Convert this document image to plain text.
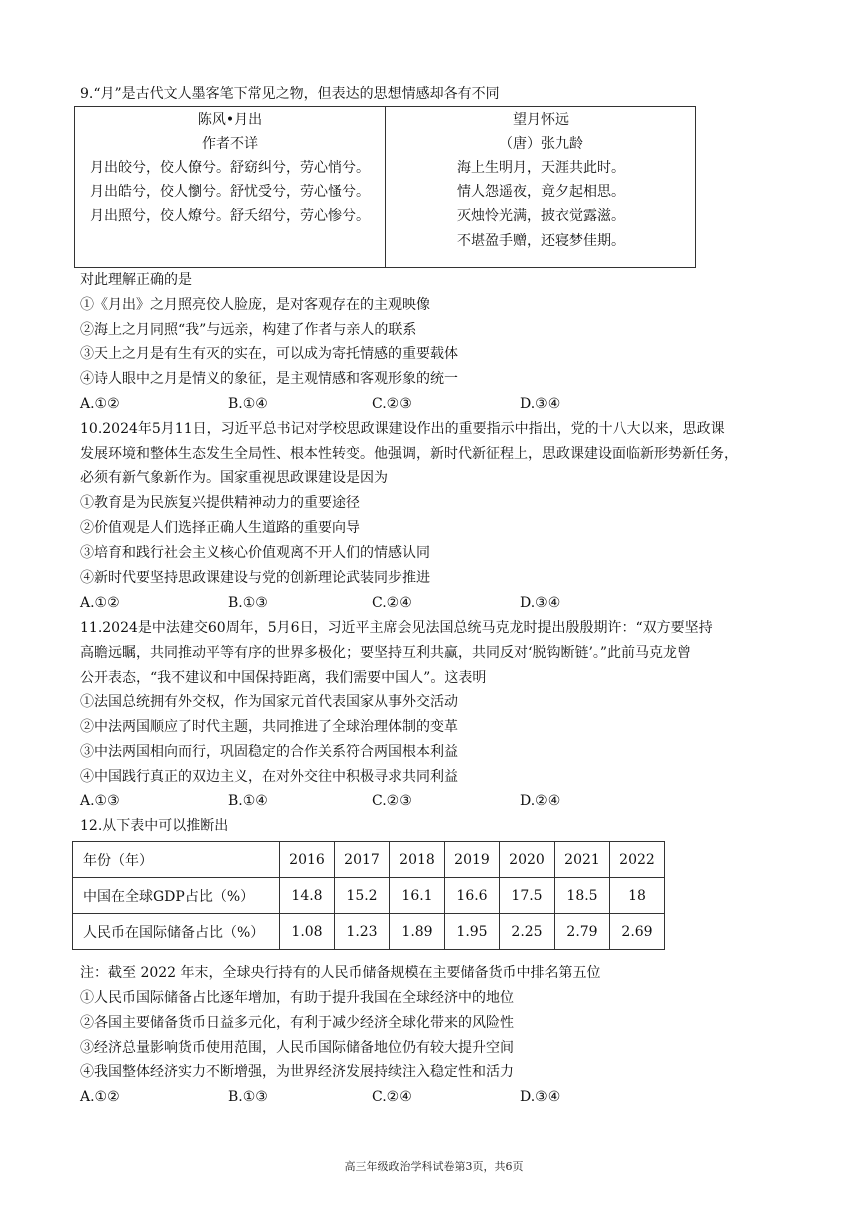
9.“月”是古代文人墨客笔下常见之物，但表达的思想情感却各有不同
陈风•月出
作者不详
月出皎兮，佼人僚兮。舒窈纠兮，劳心悄兮。
月出皓兮，佼人懰兮。舒忧受兮，劳心慅兮。
月出照兮，佼人燎兮。舒夭绍兮，劳心惨兮。
望月怀远
（唐）张九龄
海上生明月，天涯共此时。
情人怨遥夜，竟夕起相思。
灭烛怜光满，披衣觉露滋。
不堪盈手赠，还寝梦佳期。
对此理解正确的是
①《月出》之月照亮佼人脸庞，是对客观存在的主观映像
②海上之月同照“我”与远亲，构建了作者与亲人的联系
③天上之月是有生有灭的实在，可以成为寄托情感的重要载体
④诗人眼中之月是情义的象征，是主观情感和客观形象的统一
A.①②	B.①④	C.②③	D.③④
10.2024年5月11日，习近平总书记对学校思政课建设作出的重要指示中指出，党的十八大以来，思政课
发展环境和整体生态发生全局性、根本性转变。他强调，新时代新征程上，思政课建设面临新形势新任务，
必须有新气象新作为。国家重视思政课建设是因为
①教育是为民族复兴提供精神动力的重要途径
②价值观是人们选择正确人生道路的重要向导
③培育和践行社会主义核心价值观离不开人们的情感认同
④新时代要坚持思政课建设与党的创新理论武装同步推进
A.①②	B.①③	C.②④	D.③④
11.2024是中法建交60周年，5月6日，习近平主席会见法国总统马克龙时提出殷殷期许：“双方要坚持
高瞻远瞩，共同推动平等有序的世界多极化；要坚持互利共赢，共同反对‘脱钩断链’。”此前马克龙曾
公开表态，“我不建议和中国保持距离，我们需要中国人”。这表明
①法国总统拥有外交权，作为国家元首代表国家从事外交活动
②中法两国顺应了时代主题，共同推进了全球治理体制的变革
③中法两国相向而行，巩固稳定的合作关系符合两国根本利益
④中国践行真正的双边主义，在对外交往中积极寻求共同利益
A.①③	B.①④	C.②③	D.②④
12.从下表中可以推断出
年份（年）	2016	2017	2018	2019	2020	2021	2022
中国在全球GDP占比（%）	14.8	15.2	16.1	16.6	17.5	18.5	18
人民币在国际储备占比（%）	1.08	1.23	1.89	1.95	2.25	2.79	2.69
注：截至 2022 年末，全球央行持有的人民币储备规模在主要储备货币中排名第五位
①人民币国际储备占比逐年增加，有助于提升我国在全球经济中的地位
②各国主要储备货币日益多元化，有利于减少经济全球化带来的风险性
③经济总量影响货币使用范围，人民币国际储备地位仍有较大提升空间
④我国整体经济实力不断增强，为世界经济发展持续注入稳定性和活力
A.①②	B.①③	C.②④	D.③④
高三年级政治学科试卷第3页，共6页
